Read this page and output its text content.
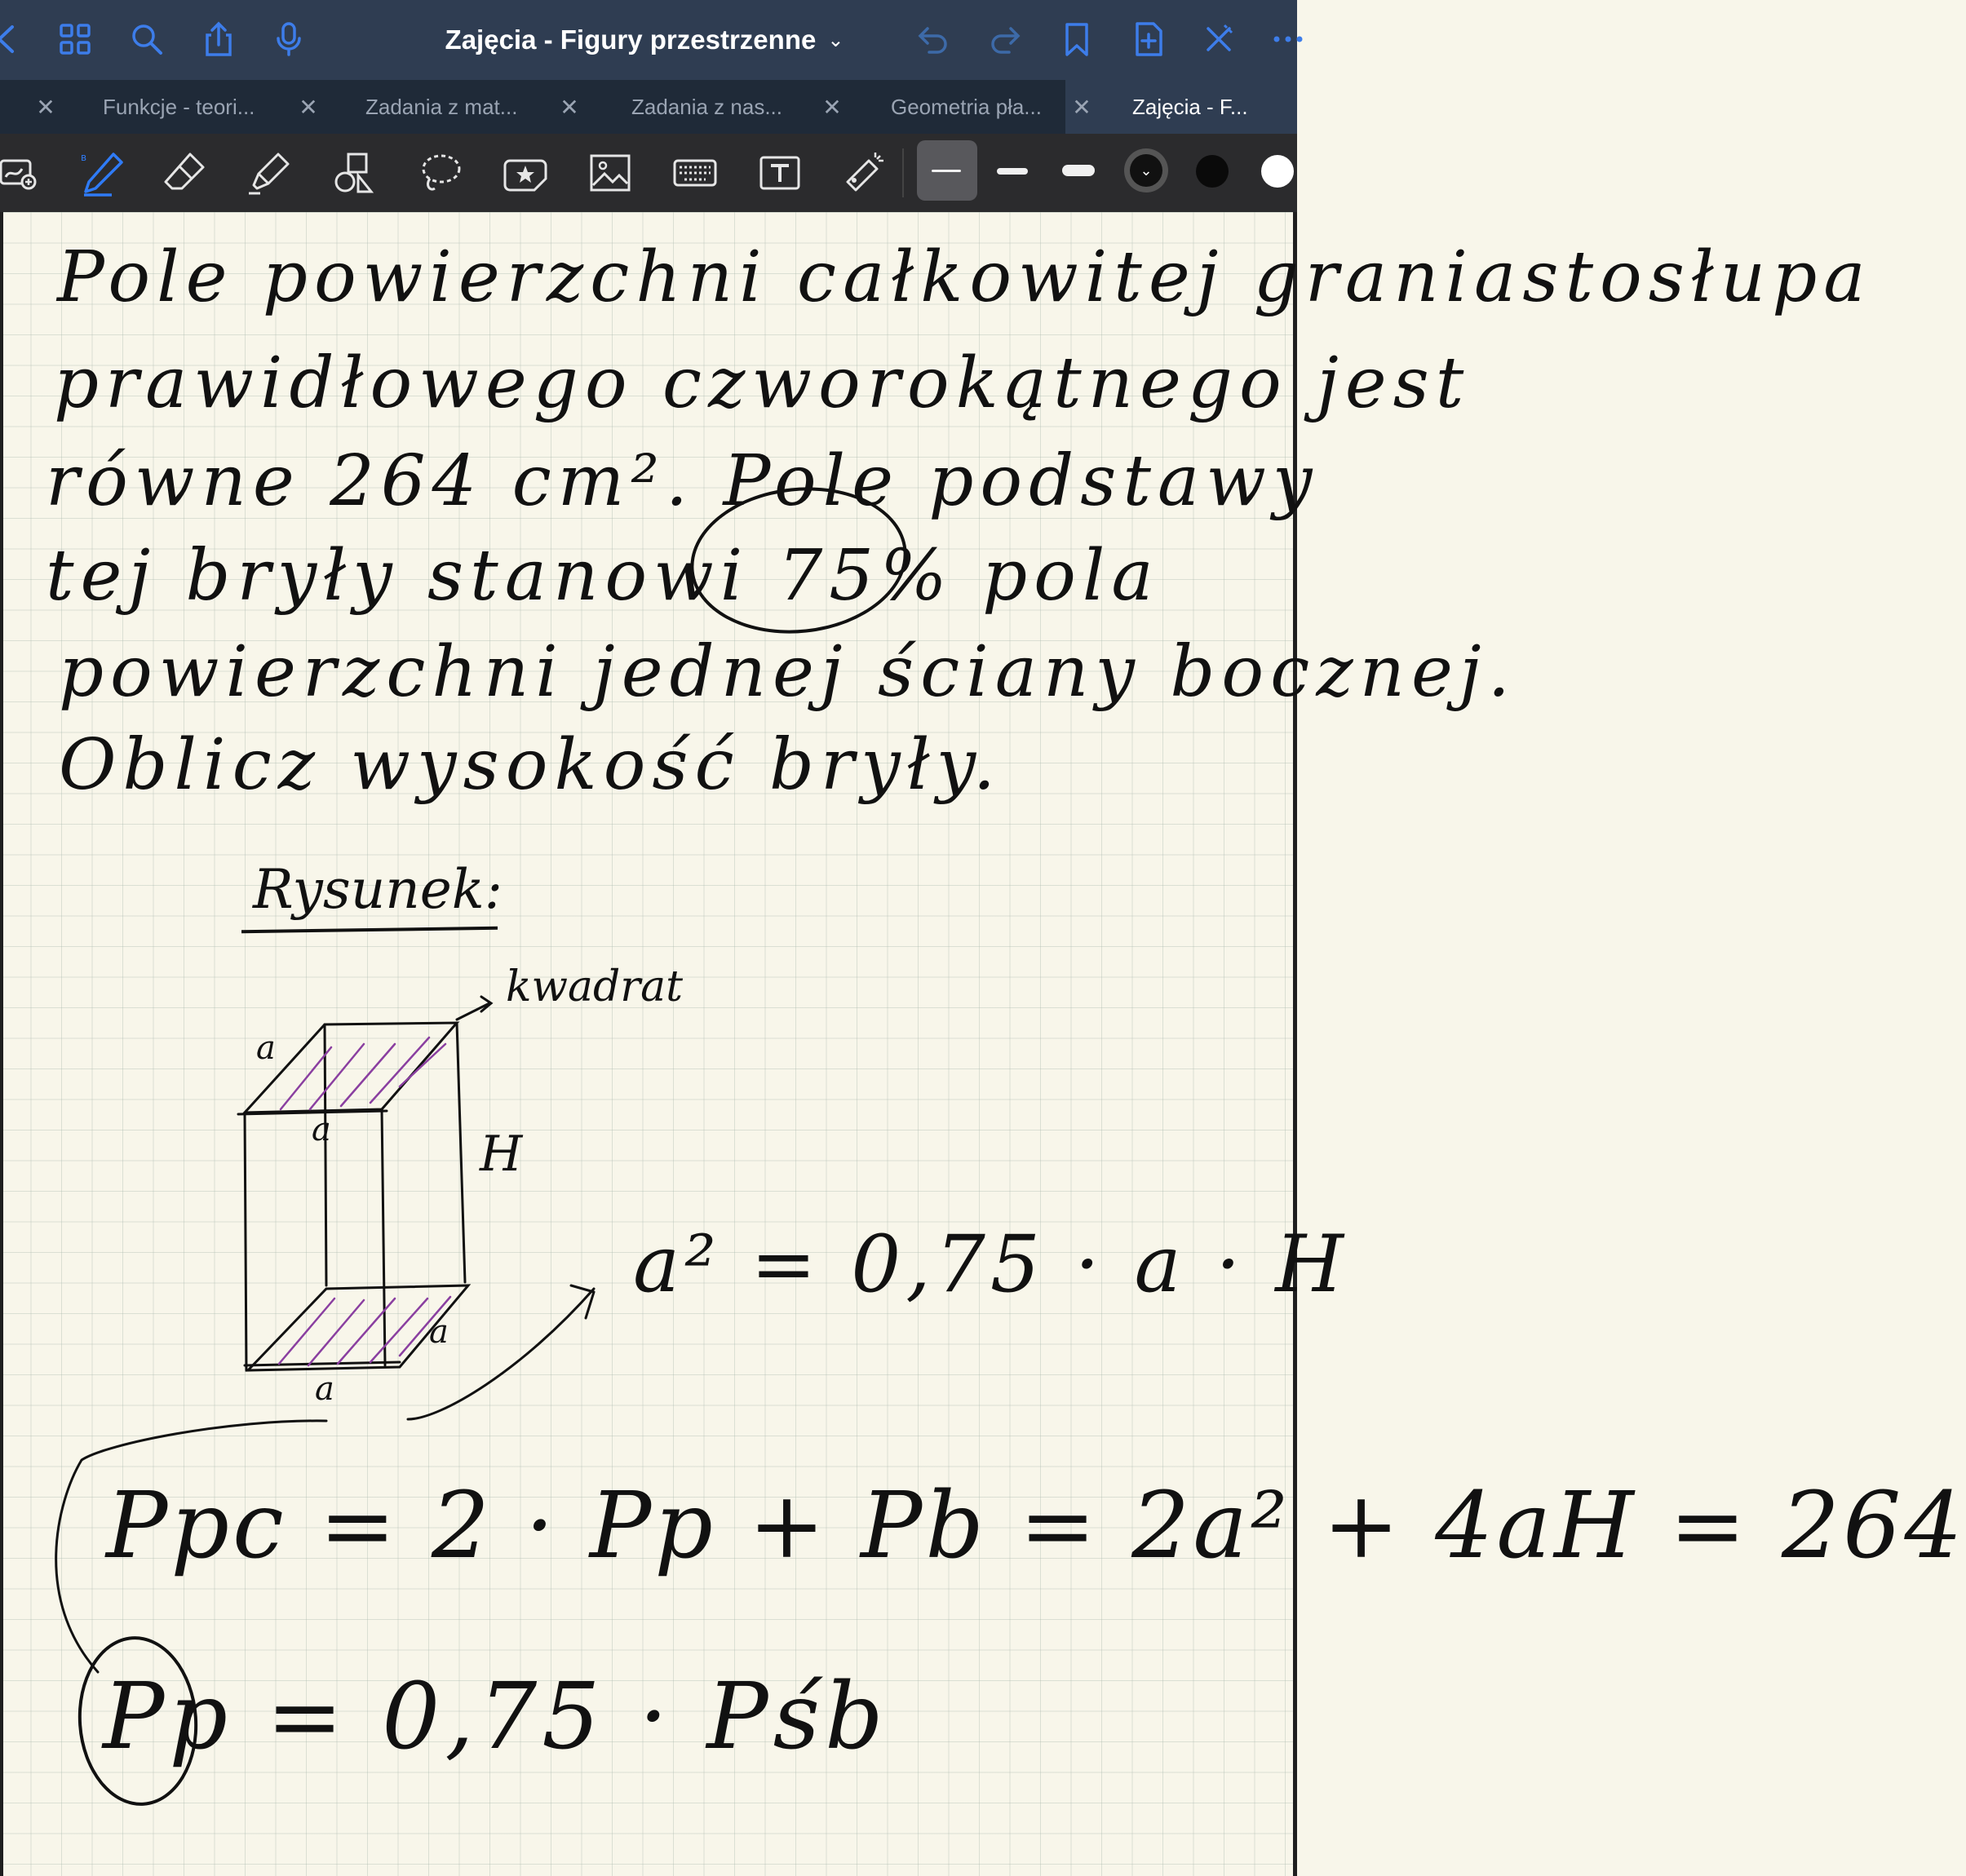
Zajęcia - Figury przestrzenne ⌄
✕	Funkcje - teori... ✕	Zadania z mat... ✕	Zadania z nas... ✕	Geometria pła... ✕	Zajęcia - F...
ʙ
⌄
Pole powierzchni całkowitej graniastosłupa
prawidłowego czworokątnego jest
równe 264 cm². Pole podstawy
tej bryły stanowi 75% pola
powierzchni jednej ściany bocznej.
Oblicz wysokość bryły.
Rysunek:
kwadrat
a
a	H
a
a
a² = 0,75 · a · H
Ppc = 2 · Pp + Pb = 2a² + 4aH = 264
Pp = 0,75 · Pśb
